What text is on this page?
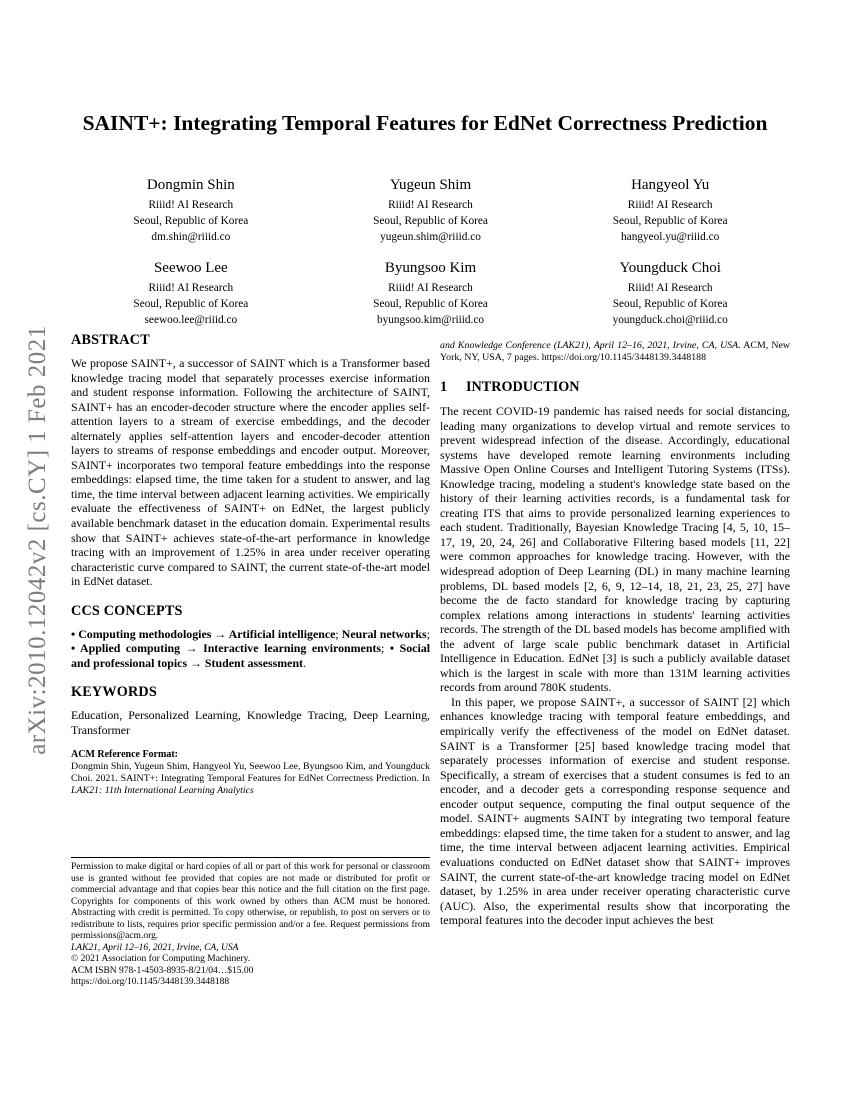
arXiv:2010.12042v2 [cs.CY] 1 Feb 2021
SAINT+: Integrating Temporal Features for EdNet Correctness Prediction
Dongmin Shin
Riiid! AI Research
Seoul, Republic of Korea
dm.shin@riiid.co
Yugeun Shim
Riiid! AI Research
Seoul, Republic of Korea
yugeun.shim@riiid.co
Hangyeol Yu
Riiid! AI Research
Seoul, Republic of Korea
hangyeol.yu@riiid.co
Seewoo Lee
Riiid! AI Research
Seoul, Republic of Korea
seewoo.lee@riiid.co
Byungsoo Kim
Riiid! AI Research
Seoul, Republic of Korea
byungsoo.kim@riiid.co
Youngduck Choi
Riiid! AI Research
Seoul, Republic of Korea
youngduck.choi@riiid.co
ABSTRACT

We propose SAINT+, a successor of SAINT which is a Transformer based knowledge tracing model that separately processes exercise information and student response information. Following the architecture of SAINT, SAINT+ has an encoder-decoder structure where the encoder applies self-attention layers to a stream of exercise embeddings, and the decoder alternately applies self-attention layers and encoder-decoder attention layers to streams of response embeddings and encoder output. Moreover, SAINT+ incorporates two temporal feature embeddings into the response embeddings: elapsed time, the time taken for a student to answer, and lag time, the time interval between adjacent learning activities. We empirically evaluate the effectiveness of SAINT+ on EdNet, the largest publicly available benchmark dataset in the education domain. Experimental results show that SAINT+ achieves state-of-the-art performance in knowledge tracing with an improvement of 1.25% in area under receiver operating characteristic curve compared to SAINT, the current state-of-the-art model in EdNet dataset.

CCS CONCEPTS

• Computing methodologies → Artificial intelligence; Neural networks; • Applied computing → Interactive learning environments; • Social and professional topics → Student assessment.

KEYWORDS

Education, Personalized Learning, Knowledge Tracing, Deep Learning, Transformer

ACM Reference Format:

Dongmin Shin, Yugeun Shim, Hangyeol Yu, Seewoo Lee, Byungsoo Kim, and Youngduck Choi. 2021. SAINT+: Integrating Temporal Features for EdNet Correctness Prediction. In LAK21: 11th International Learning Analytics

Permission to make digital or hard copies of all or part of this work for personal or classroom use is granted without fee provided that copies are not made or distributed for profit or commercial advantage and that copies bear this notice and the full citation on the first page. Copyrights for components of this work owned by others than ACM must be honored. Abstracting with credit is permitted. To copy otherwise, or republish, to post on servers or to redistribute to lists, requires prior specific permission and/or a fee. Request permissions from permissions@acm.org.

LAK21, April 12–16, 2021, Irvine, CA, USA

© 2021 Association for Computing Machinery.

ACM ISBN 978-1-4503-8935-8/21/04…$15.00

https://doi.org/10.1145/3448139.3448188

and Knowledge Conference (LAK21), April 12–16, 2021, Irvine, CA, USA. ACM, New York, NY, USA, 7 pages. https://doi.org/10.1145/3448139.3448188

1 INTRODUCTION

The recent COVID-19 pandemic has raised needs for social distancing, leading many organizations to develop virtual and remote services to prevent widespread infection of the disease. Accordingly, educational systems have developed remote learning environments including Massive Open Online Courses and Intelligent Tutoring Systems (ITSs). Knowledge tracing, modeling a student's knowledge state based on the history of their learning activities records, is a fundamental task for creating ITS that aims to provide personalized learning experiences to each student. Traditionally, Bayesian Knowledge Tracing [4, 5, 10, 15–17, 19, 20, 24, 26] and Collaborative Filtering based models [11, 22] were common approaches for knowledge tracing. However, with the widespread adoption of Deep Learning (DL) in many machine learning problems, DL based models [2, 6, 9, 12–14, 18, 21, 23, 25, 27] have become the de facto standard for knowledge tracing by capturing complex relations among interactions in students' learning activities records. The strength of the DL based models has become amplified with the advent of large scale public benchmark dataset in Artificial Intelligence in Education. EdNet [3] is such a publicly available dataset which is the largest in scale with more than 131M learning activities records from around 780K students.

In this paper, we propose SAINT+, a successor of SAINT [2] which enhances knowledge tracing with temporal feature embeddings, and empirically verify the effectiveness of the model on EdNet dataset. SAINT is a Transformer [25] based knowledge tracing model that separately processes information of exercise and student response. Specifically, a stream of exercises that a student consumes is fed to an encoder, and a decoder gets a corresponding response sequence and encoder output sequence, computing the final output sequence of the model. SAINT+ augments SAINT by integrating two temporal feature embeddings: elapsed time, the time taken for a student to answer, and lag time, the time interval between adjacent learning activities. Empirical evaluations conducted on EdNet dataset show that SAINT+ improves SAINT, the current state-of-the-art knowledge tracing model on EdNet dataset, by 1.25% in area under receiver operating characteristic curve (AUC). Also, the experimental results show that incorporating the temporal features into the decoder input achieves the best
